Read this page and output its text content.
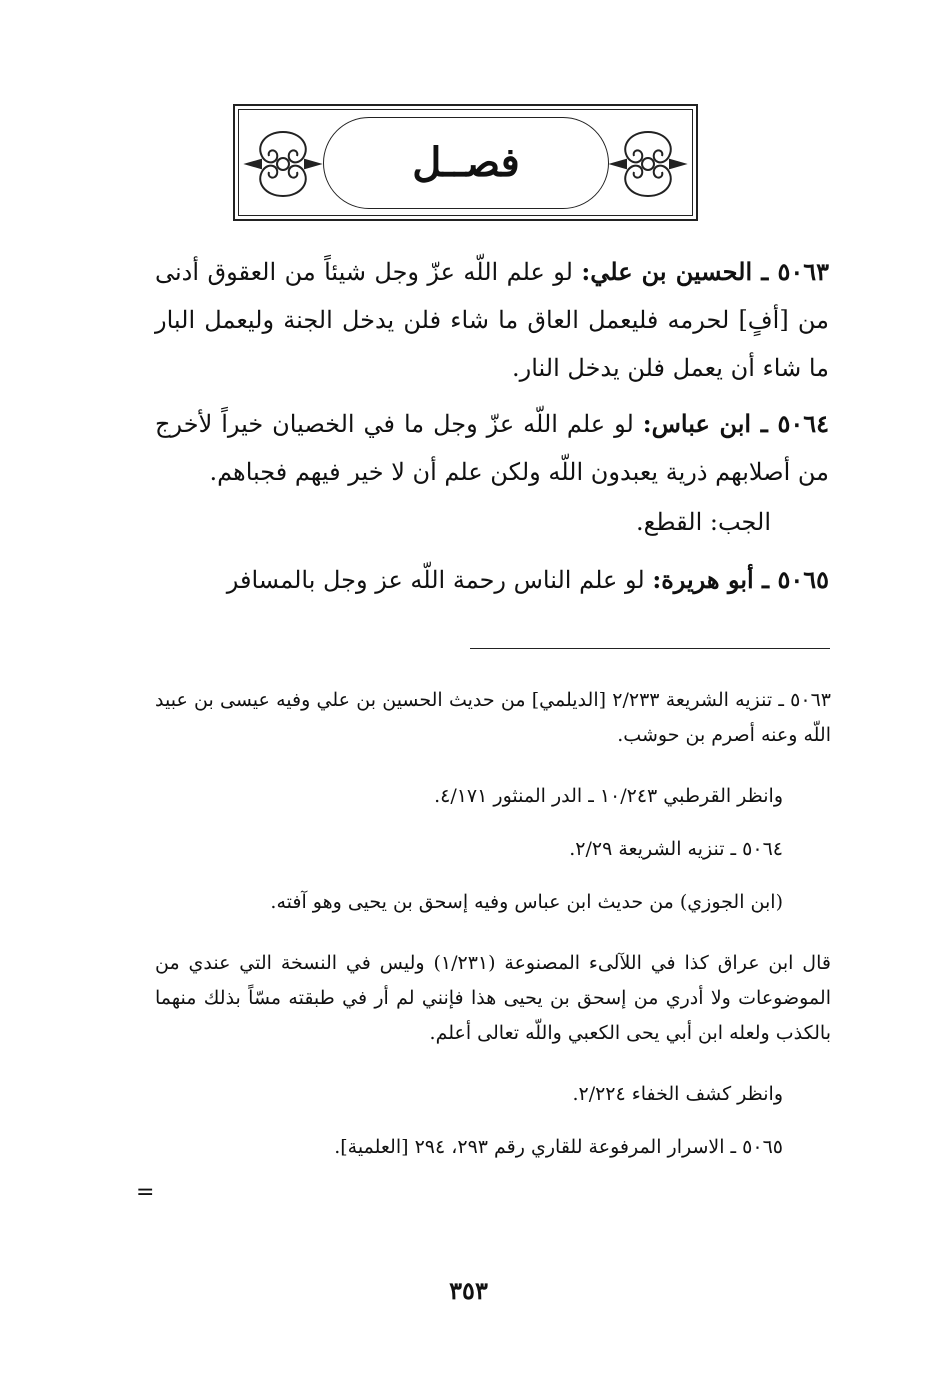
فصــل

٥٠٦٣ ـ الحسين بن علي: لو علم اللّه عزّ وجل شيئاً من العقوق أدنى من [أفٍ] لحرمه فليعمل العاق ما شاء فلن يدخل الجنة وليعمل البار ما شاء أن يعمل فلن يدخل النار.

٥٠٦٤ ـ ابن عباس: لو علم اللّه عزّ وجل ما في الخصيان خيراً لأخرج من أصلابهم ذرية يعبدون اللّه ولكن علم أن لا خير فيهم فجباهم.

الجب: القطع.

٥٠٦٥ ـ أبو هريرة: لو علم الناس رحمة اللّه عز وجل بالمسافر

٥٠٦٣ ـ تنزيه الشريعة ٢/٢٣٣ [الديلمي] من حديث الحسين بن علي وفيه عيسى بن عبيد اللّه وعنه أصرم بن حوشب.

وانظر القرطبي ١٠/٢٤٣ ـ الدر المنثور ٤/١٧١.

٥٠٦٤ ـ تنزيه الشريعة ٢/٢٩.

(ابن الجوزي) من حديث ابن عباس وفيه إسحق بن يحيى وهو آفته.

قال ابن عراق كذا في اللآلىء المصنوعة (١/٢٣١) وليس في النسخة التي عندي من الموضوعات ولا أدري من إسحق بن يحيى هذا فإنني لم أر في طبقته مسّاً بذلك منهما بالكذب ولعله ابن أبي يحى الكعبي واللّه تعالى أعلم.

وانظر كشف الخفاء ٢/٢٢٤.

٥٠٦٥ ـ الاسرار المرفوعة للقاري رقم ٢٩٣، ٢٩٤ [العلمية].

=
٣٥٣
